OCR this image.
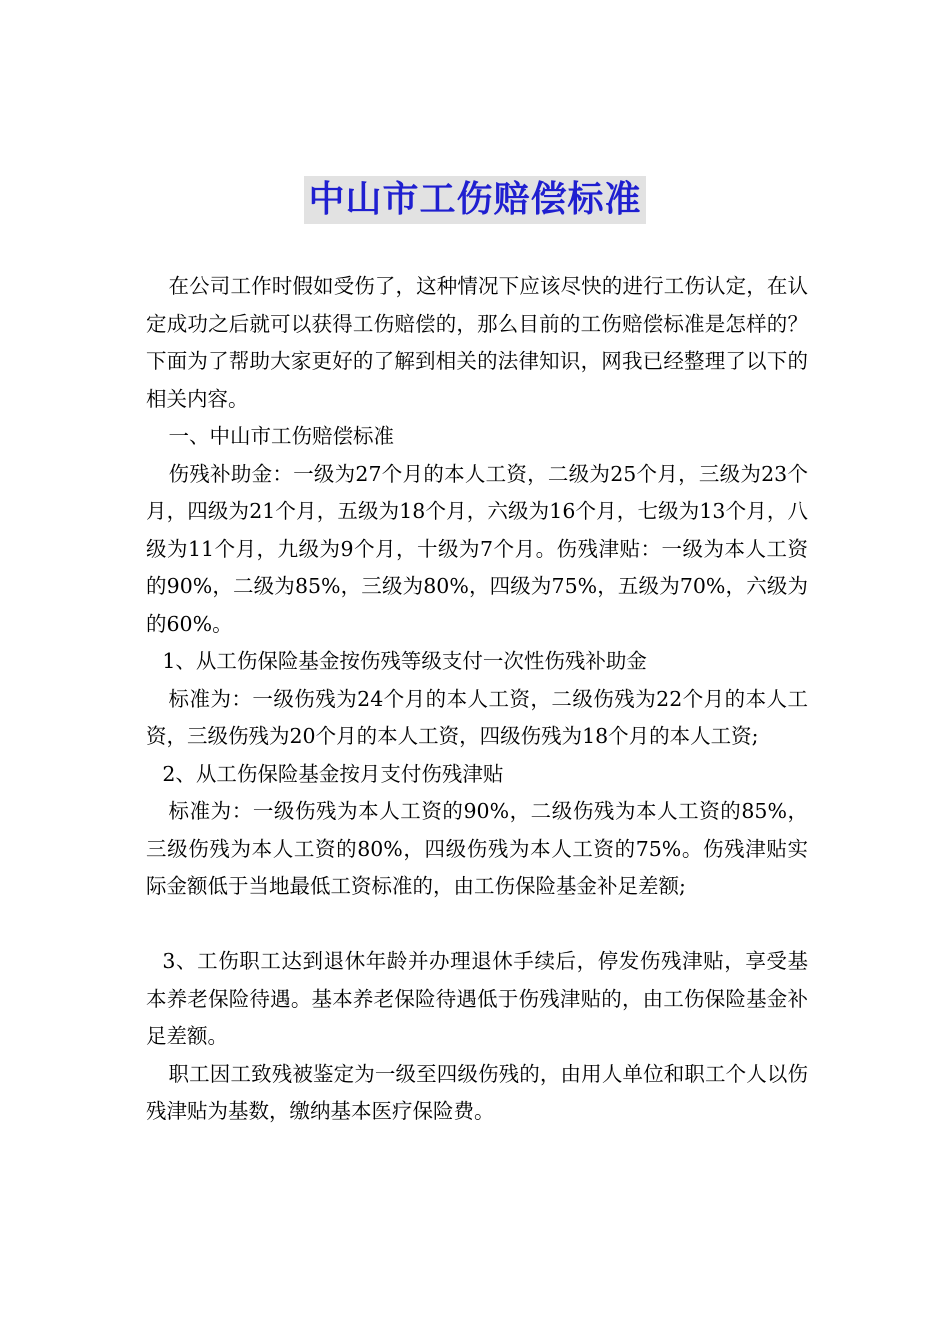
中山市工伤赔偿标准

在公司工作时假如受伤了，这种情况下应该尽快的进行工伤认定，在认定成功之后就可以获得工伤赔偿的，那么目前的工伤赔偿标准是怎样的？下面为了帮助大家更好的了解到相关的法律知识，网我已经整理了以下的相关内容。

一、中山市工伤赔偿标准

伤残补助金：一级为27个月的本人工资，二级为25个月，三级为23个月，四级为21个月，五级为18个月，六级为16个月，七级为13个月，八级为11个月，九级为9个月，十级为7个月。伤残津贴：一级为本人工资的90%，二级为85%，三级为80%，四级为75%，五级为70%，六级为的60%。

1、从工伤保险基金按伤残等级支付一次性伤残补助金

标准为：一级伤残为24个月的本人工资，二级伤残为22个月的本人工资，三级伤残为20个月的本人工资，四级伤残为18个月的本人工资;

2、从工伤保险基金按月支付伤残津贴

标准为：一级伤残为本人工资的90%，二级伤残为本人工资的85%，三级伤残为本人工资的80%，四级伤残为本人工资的75%。伤残津贴实际金额低于当地最低工资标准的，由工伤保险基金补足差额;

3、工伤职工达到退休年龄并办理退休手续后，停发伤残津贴，享受基本养老保险待遇。基本养老保险待遇低于伤残津贴的，由工伤保险基金补足差额。

职工因工致残被鉴定为一级至四级伤残的，由用人单位和职工个人以伤残津贴为基数，缴纳基本医疗保险费。
